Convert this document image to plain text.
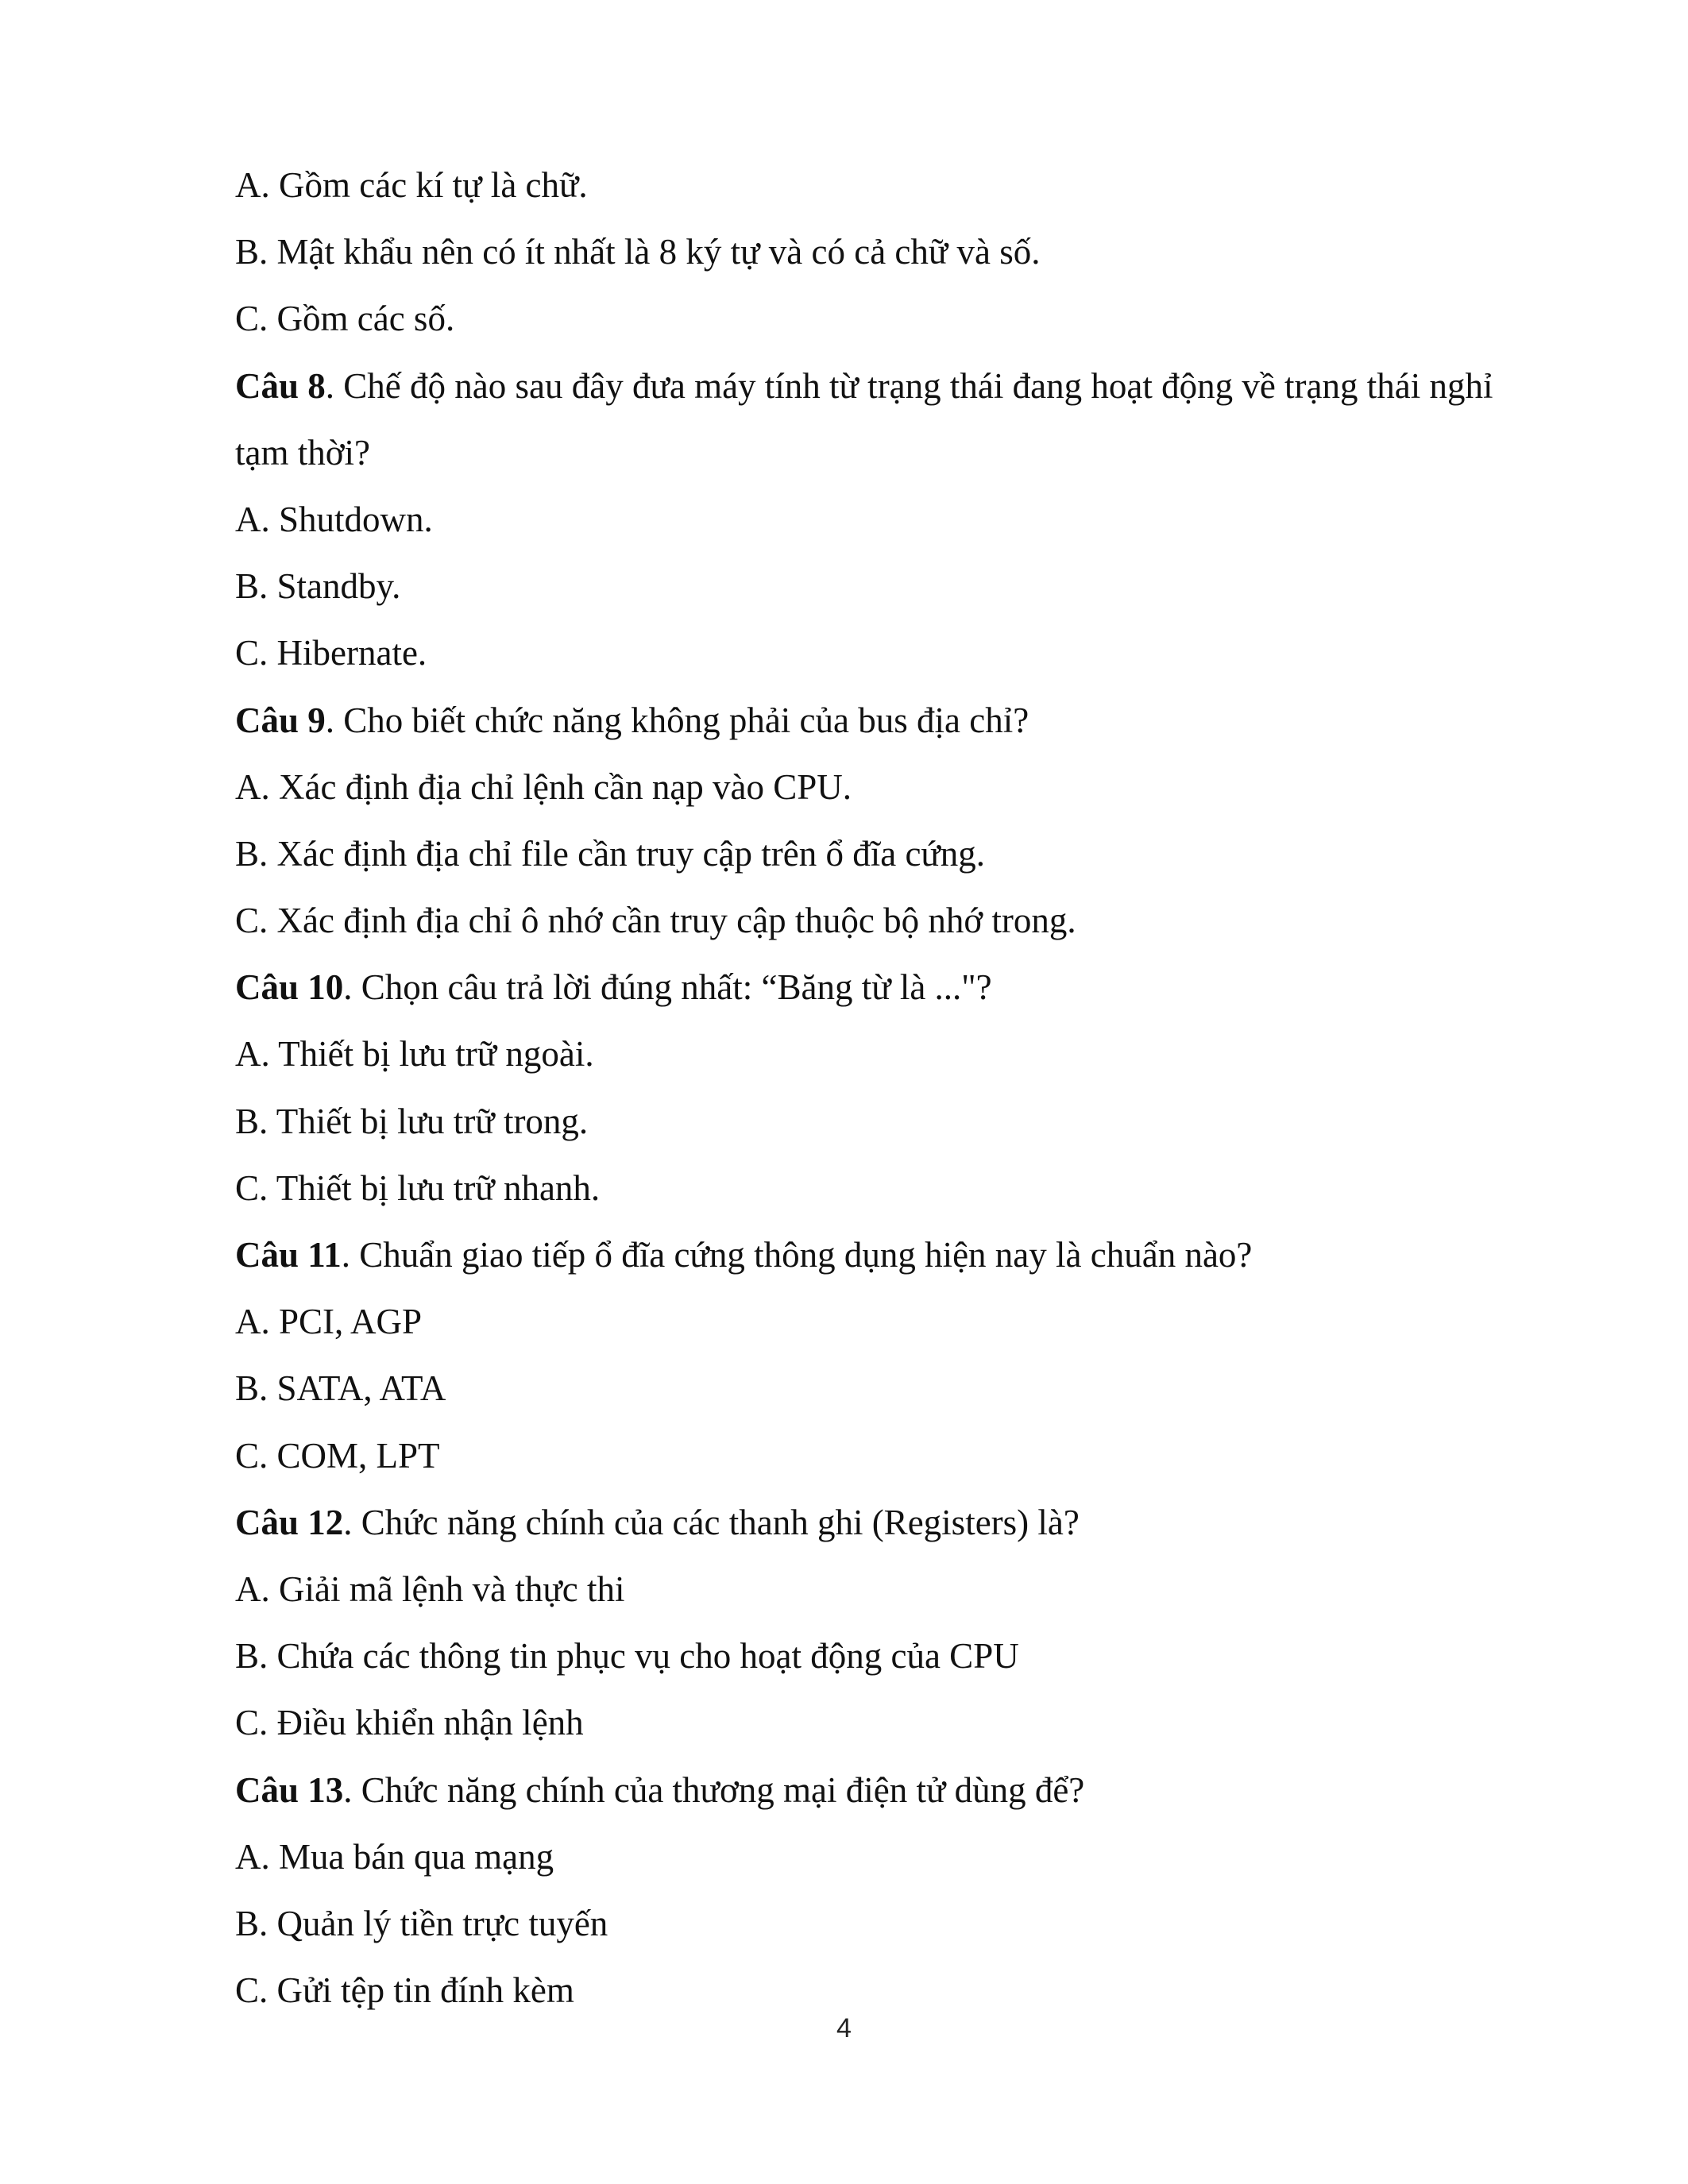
A. Gồm các kí tự là chữ.
B. Mật khẩu nên có ít nhất là 8 ký tự và có cả chữ và số.
C. Gồm các số.
Câu 8. Chế độ nào sau đây đưa máy tính từ trạng thái đang hoạt động về trạng thái nghỉ tạm thời?
A. Shutdown.
B. Standby.
C. Hibernate.
Câu 9. Cho biết chức năng không phải của bus địa chỉ?
A. Xác định địa chỉ lệnh cần nạp vào CPU.
B. Xác định địa chỉ file cần truy cập trên ổ đĩa cứng.
C. Xác định địa chỉ ô nhớ cần truy cập thuộc bộ nhớ trong.
Câu 10. Chọn câu trả lời đúng nhất: “Băng từ là ..."?
A. Thiết bị lưu trữ ngoài.
B. Thiết bị lưu trữ trong.
C. Thiết bị lưu trữ nhanh.
Câu 11. Chuẩn giao tiếp ổ đĩa cứng thông dụng hiện nay là chuẩn nào?
A. PCI, AGP
B. SATA, ATA
C. COM, LPT
Câu 12. Chức năng chính của các thanh ghi (Registers) là?
A. Giải mã lệnh và thực thi
B. Chứa các thông tin phục vụ cho hoạt động của CPU
C. Điều khiển nhận lệnh
Câu 13. Chức năng chính của thương mại điện tử dùng để?
A. Mua bán qua mạng
B. Quản lý tiền trực tuyến
C. Gửi tệp tin đính kèm
4
